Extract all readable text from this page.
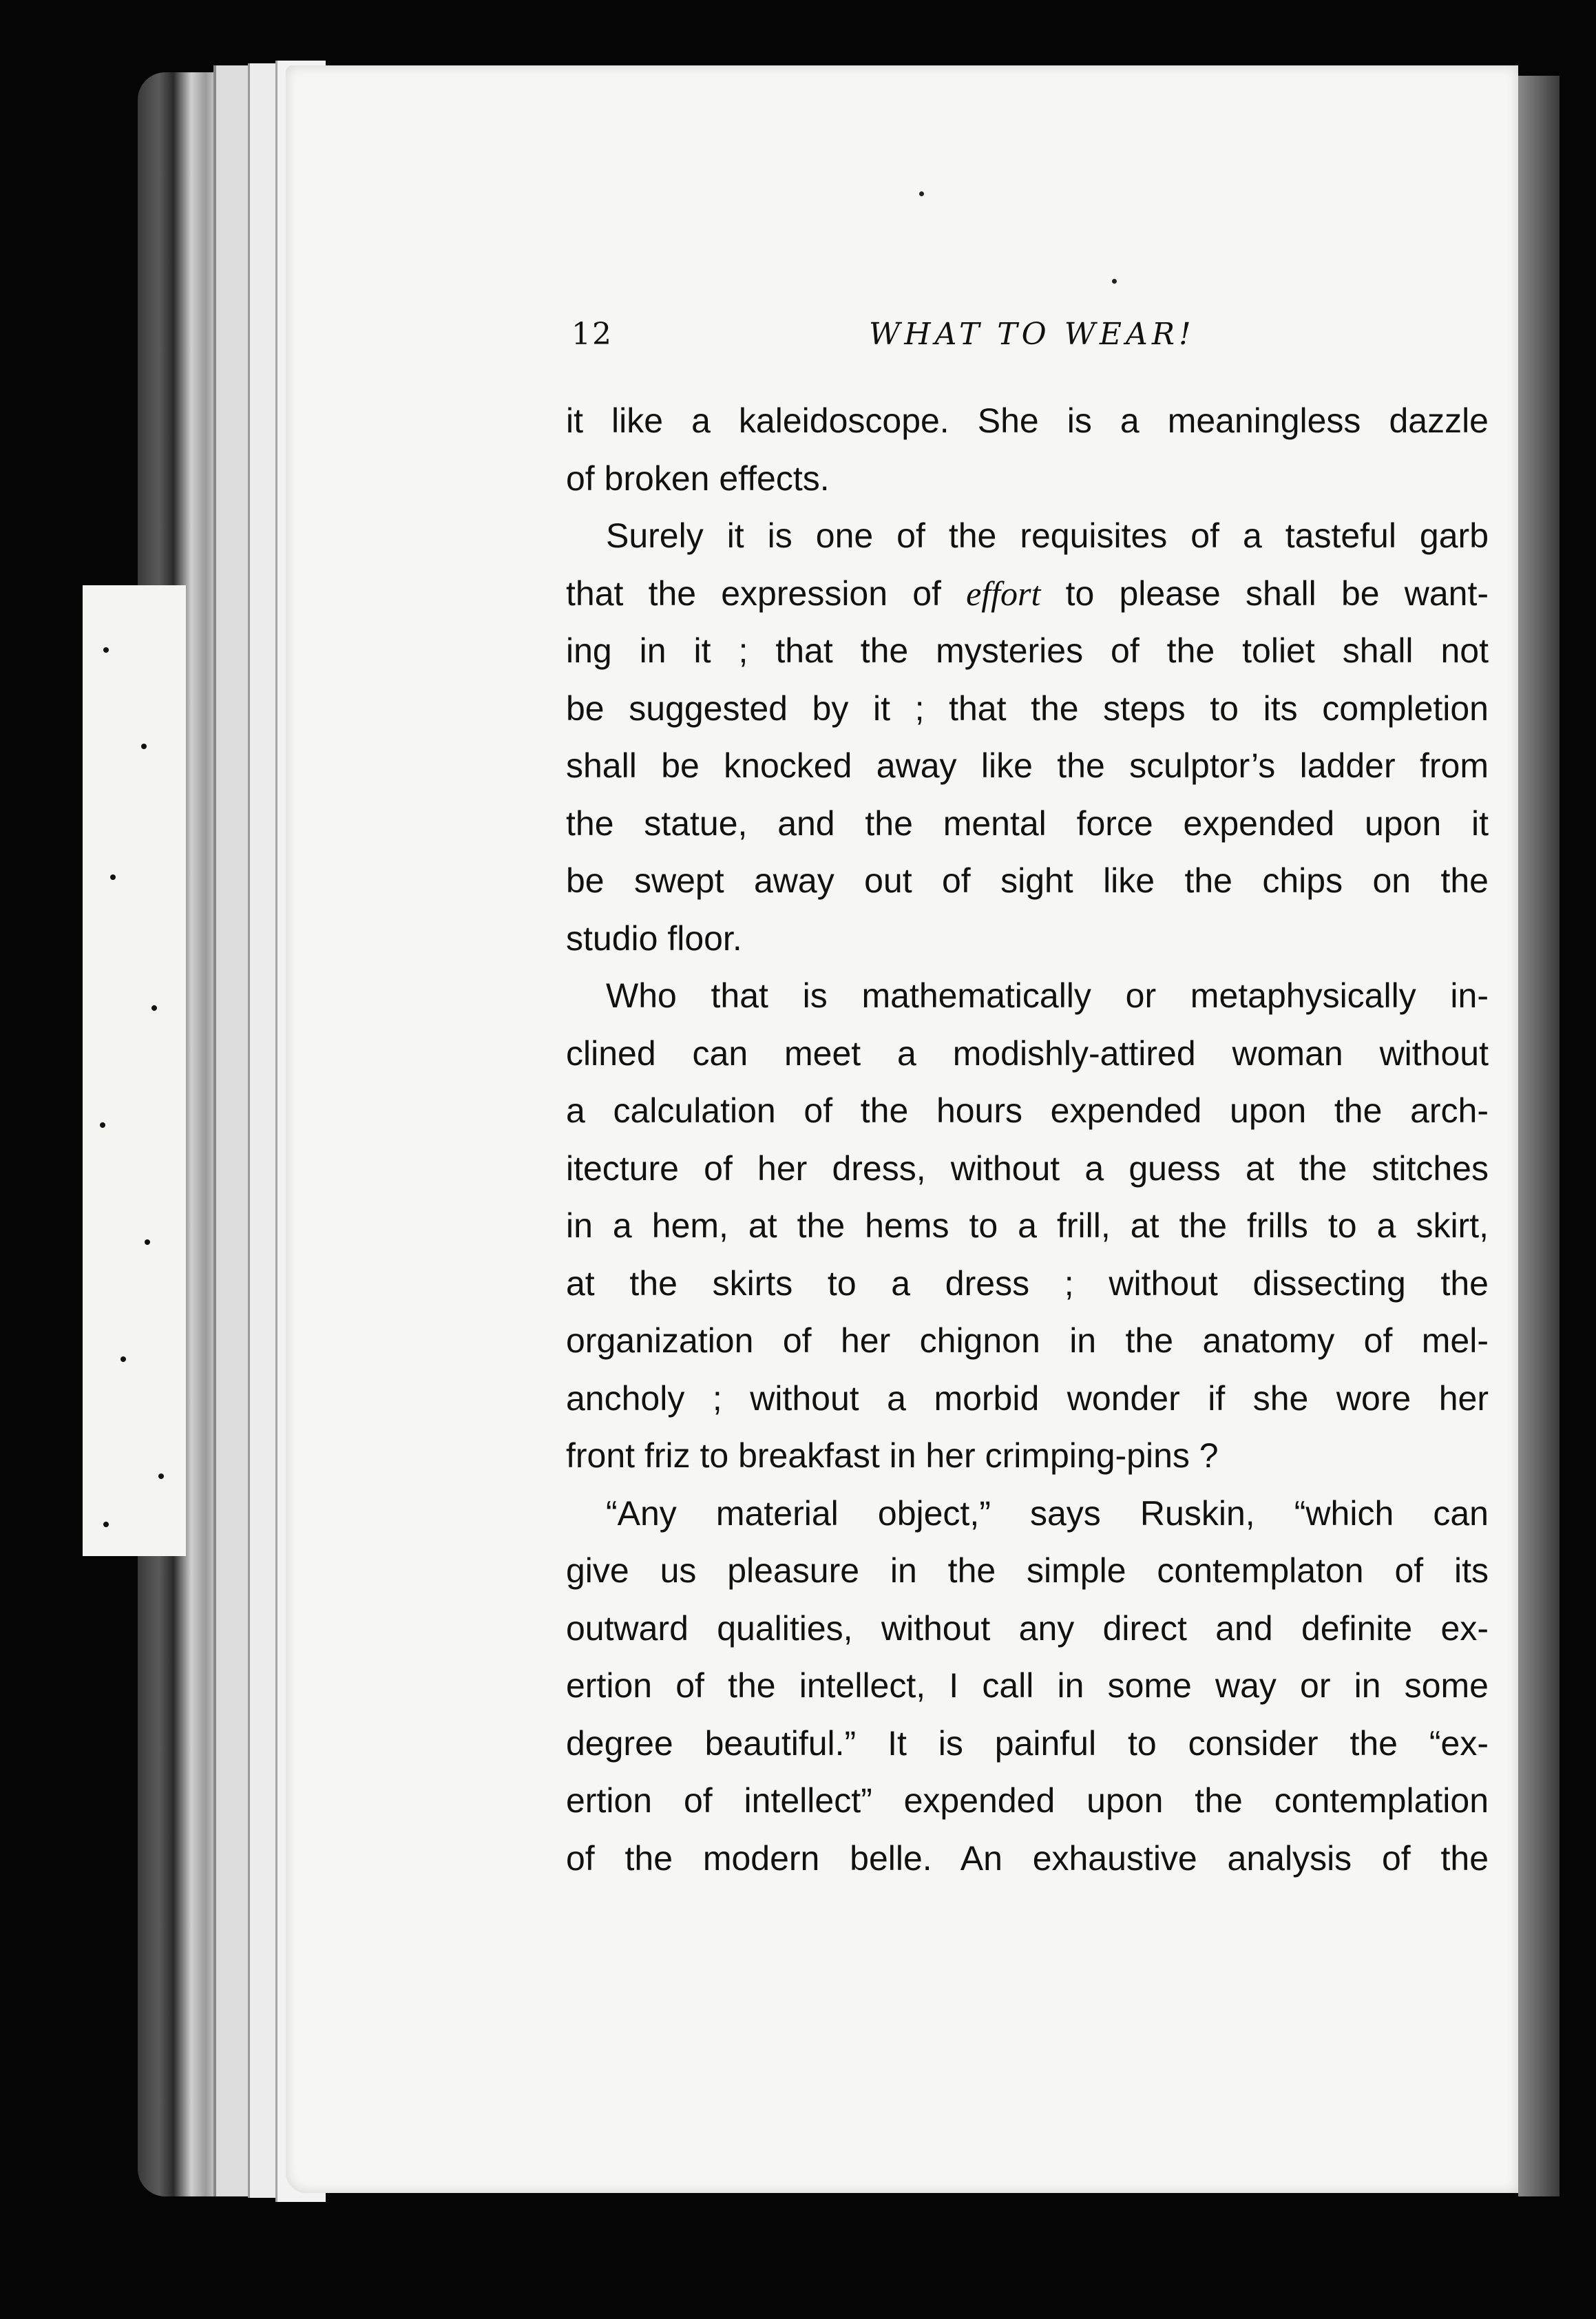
12	WHAT TO WEAR!
it like a kaleidoscope. She is a meaningless dazzle
of broken effects.
Surely it is one of the requisites of a tasteful garb
that the expression of effort to please shall be want-
ing in it ; that the mysteries of the toliet shall not
be suggested by it ; that the steps to its completion
shall be knocked away like the sculptor’s ladder from
the statue, and the mental force expended upon it
be swept away out of sight like the chips on the
studio floor.
Who that is mathematically or metaphysically in-
clined can meet a modishly-attired woman without
a calculation of the hours expended upon the arch-
itecture of her dress, without a guess at the stitches
in a hem, at the hems to a frill, at the frills to a skirt,
at the skirts to a dress ; without dissecting the
organization of her chignon in the anatomy of mel-
ancholy ; without a morbid wonder if she wore her
front friz to breakfast in her crimping-pins ?
“Any material object,” says Ruskin, “which can
give us pleasure in the simple contemplaton of its
outward qualities, without any direct and definite ex-
ertion of the intellect, I call in some way or in some
degree beautiful.” It is painful to consider the “ex-
ertion of intellect” expended upon the contemplation
of the modern belle. An exhaustive analysis of the
